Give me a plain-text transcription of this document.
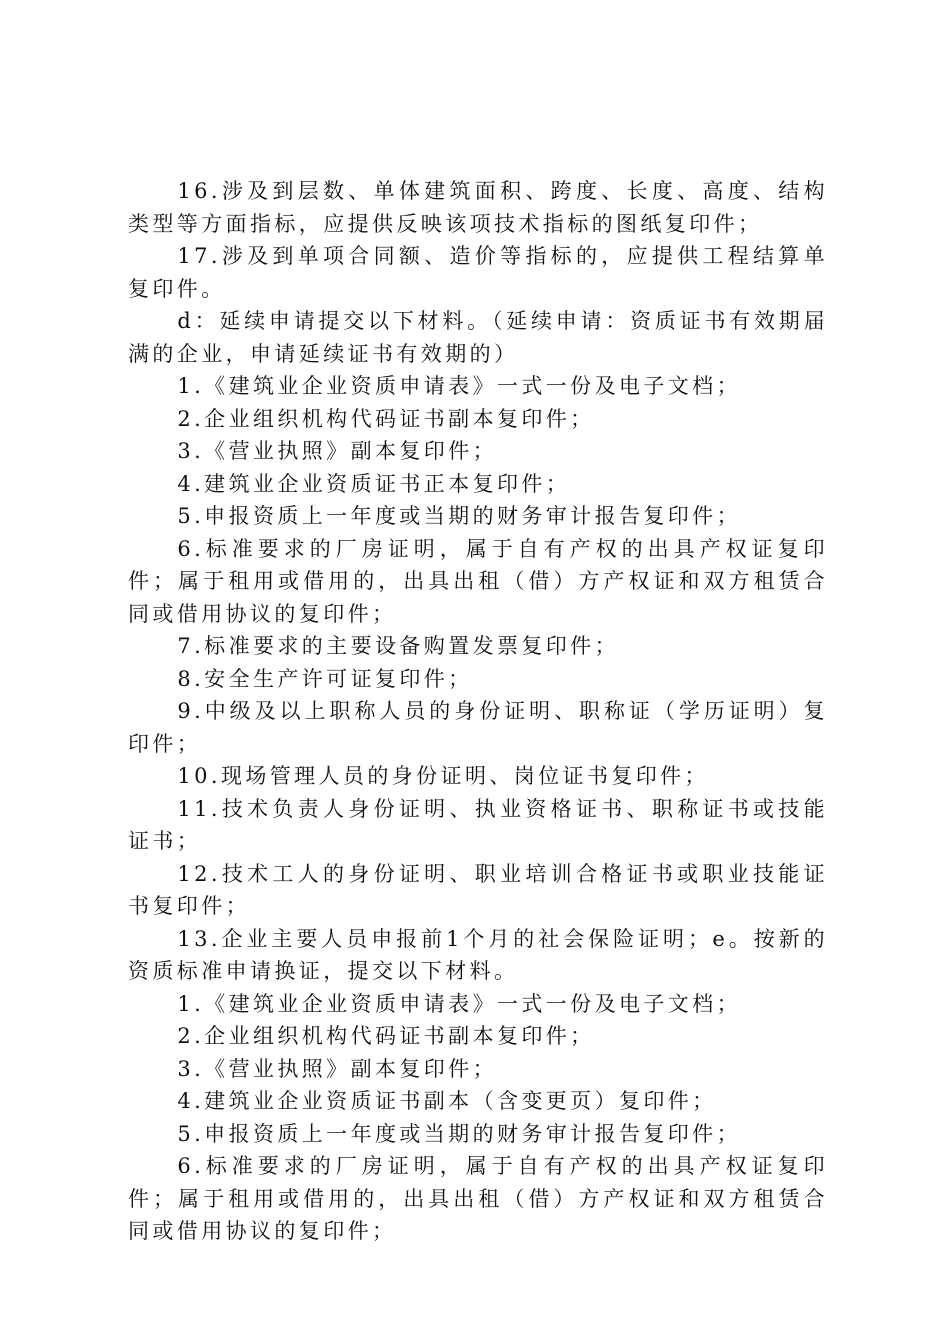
16.涉及到层数、单体建筑面积、跨度、长度、高度、结构类型等方面指标，应提供反映该项技术指标的图纸复印件；

17.涉及到单项合同额、造价等指标的，应提供工程结算单复印件。

d：延续申请提交以下材料。（延续申请：资质证书有效期届满的企业，申请延续证书有效期的）

1.《建筑业企业资质申请表》一式一份及电子文档；

2.企业组织机构代码证书副本复印件；

3.《营业执照》副本复印件；

4.建筑业企业资质证书正本复印件；

5.申报资质上一年度或当期的财务审计报告复印件；

6.标准要求的厂房证明，属于自有产权的出具产权证复印件；属于租用或借用的，出具出租（借）方产权证和双方租赁合同或借用协议的复印件；

7.标准要求的主要设备购置发票复印件；

8.安全生产许可证复印件；

9.中级及以上职称人员的身份证明、职称证（学历证明）复印件；

10.现场管理人员的身份证明、岗位证书复印件；

11.技术负责人身份证明、执业资格证书、职称证书或技能证书；

12.技术工人的身份证明、职业培训合格证书或职业技能证书复印件；

13.企业主要人员申报前1个月的社会保险证明；e。按新的资质标准申请换证，提交以下材料。

1.《建筑业企业资质申请表》一式一份及电子文档；

2.企业组织机构代码证书副本复印件；

3.《营业执照》副本复印件；

4.建筑业企业资质证书副本（含变更页）复印件；

5.申报资质上一年度或当期的财务审计报告复印件；

6.标准要求的厂房证明，属于自有产权的出具产权证复印件；属于租用或借用的，出具出租（借）方产权证和双方租赁合同或借用协议的复印件；
